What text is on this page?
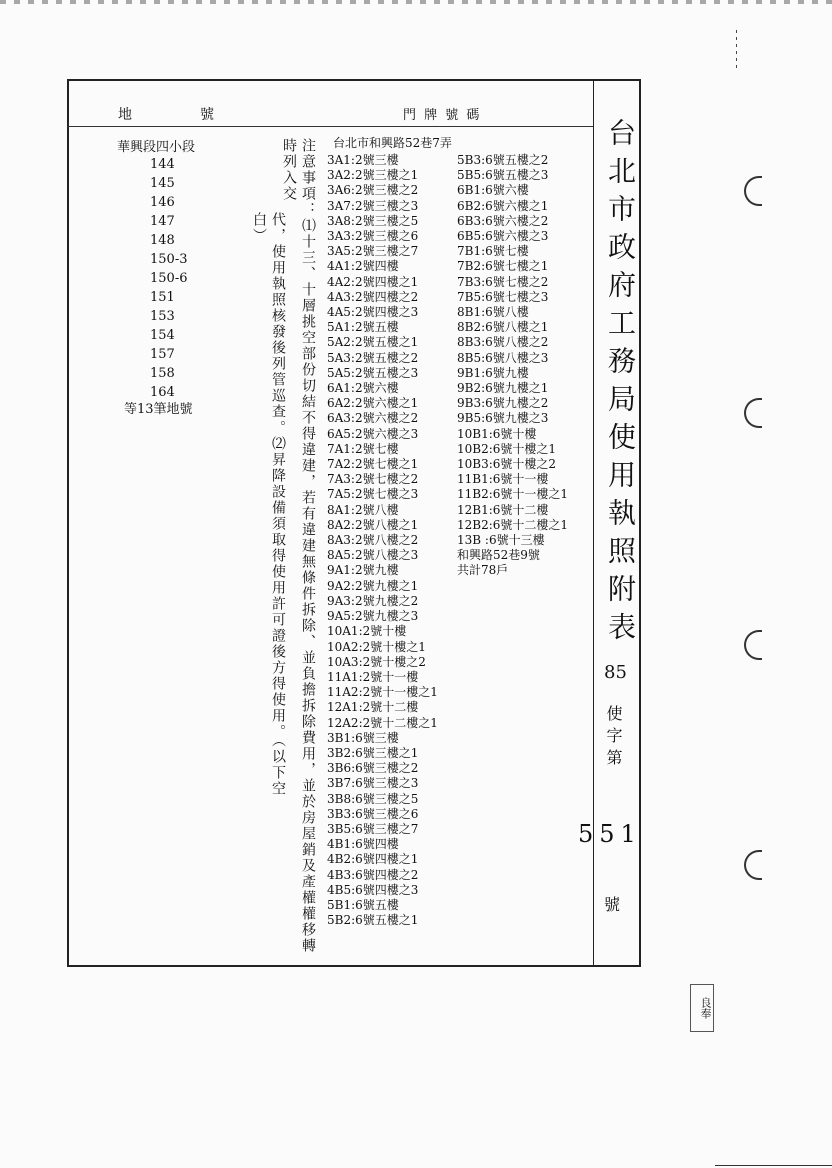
地	號	門 牌 號 碼
華興段四小段
144
145
146
147
148
150-3
150-6
151
153
154
157
158
164
等13筆地號	注意事項：⑴十三、十層挑空部份切結不得違建，若有違建無條件拆除、並負擔拆除費用，並於房屋銷及產權權移轉時列入交
代，使用執照核發後列管巡查。⑵昇降設備須取得使用許可證後方得使用。（以下空白）
台北市和興路52巷7弄
3A1:2號三樓
3A2:2號三樓之1
3A6:2號三樓之2
3A7:2號三樓之3
3A8:2號三樓之5
3A3:2號三樓之6
3A5:2號三樓之7
4A1:2號四樓
4A2:2號四樓之1
4A3:2號四樓之2
4A5:2號四樓之3
5A1:2號五樓
5A2:2號五樓之1
5A3:2號五樓之2
5A5:2號五樓之3
6A1:2號六樓
6A2:2號六樓之1
6A3:2號六樓之2
6A5:2號六樓之3
7A1:2號七樓
7A2:2號七樓之1
7A3:2號七樓之2
7A5:2號七樓之3
8A1:2號八樓
8A2:2號八樓之1
8A3:2號八樓之2
8A5:2號八樓之3
9A1:2號九樓
9A2:2號九樓之1
9A3:2號九樓之2
9A5:2號九樓之3
10A1:2號十樓
10A2:2號十樓之1
10A3:2號十樓之2
11A1:2號十一樓
11A2:2號十一樓之1
12A1:2號十二樓
12A2:2號十二樓之1
3B1:6號三樓
3B2:6號三樓之1
3B6:6號三樓之2
3B7:6號三樓之3
3B8:6號三樓之5
3B3:6號三樓之6
3B5:6號三樓之7
4B1:6號四樓
4B2:6號四樓之1
4B3:6號四樓之2
4B5:6號四樓之3
5B1:6號五樓
5B2:6號五樓之1
5B3:6號五樓之2
5B5:6號五樓之3
6B1:6號六樓
6B2:6號六樓之1
6B3:6號六樓之2
6B5:6號六樓之3
7B1:6號七樓
7B2:6號七樓之1
7B3:6號七樓之2
7B5:6號七樓之3
8B1:6號八樓
8B2:6號八樓之1
8B3:6號八樓之2
8B5:6號八樓之3
9B1:6號九樓
9B2:6號九樓之1
9B3:6號九樓之2
9B5:6號九樓之3
10B1:6號十樓
10B2:6號十樓之1
10B3:6號十樓之2
11B1:6號十一樓
11B2:6號十一樓之1
12B1:6號十二樓
12B2:6號十二樓之1
13B :6號十三樓
和興路52巷9號
共計78戶	台北市政府工務局使用執照附表
85
使字第
551
號
良奉
